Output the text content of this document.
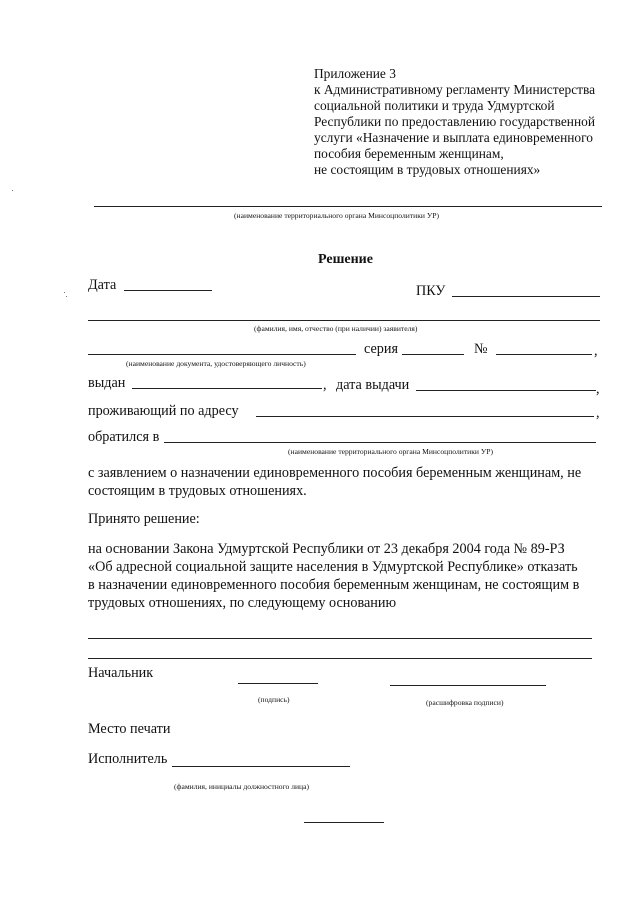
Приложение 3
к Административному регламенту Министерства
социальной политики и труда Удмуртской
Республики по предоставлению государственной
услуги «Назначение и выплата единовременного
пособия беременным женщинам,
не состоящим в трудовых отношениях»
(наименование территориального органа Минсоцполитики УР)
Решение
Дата	ПКУ
(фамилия, имя, отчество (при наличии) заявителя)
серия	№	,
(наименование документа, удостоверяющего личность)
выдан	, дата выдачи	,
проживающий по адресу	,
обратился в
(наименование территориального органа Минсоцполитики УР)
с заявлением о назначении единовременного пособия беременным женщинам, не
состоящим в трудовых отношениях.
Принято решение:
на основании Закона Удмуртской Республики от 23 декабря 2004 года № 89-РЗ
«Об адресной социальной защите населения в Удмуртской Республике» отказать
в назначении единовременного пособия беременным женщинам, не состоящим в
трудовых отношениях, по следующему основанию
Начальник
(подпись)	(расшифровка подписи)
Место печати
Исполнитель
(фамилия, инициалы должностного лица)
